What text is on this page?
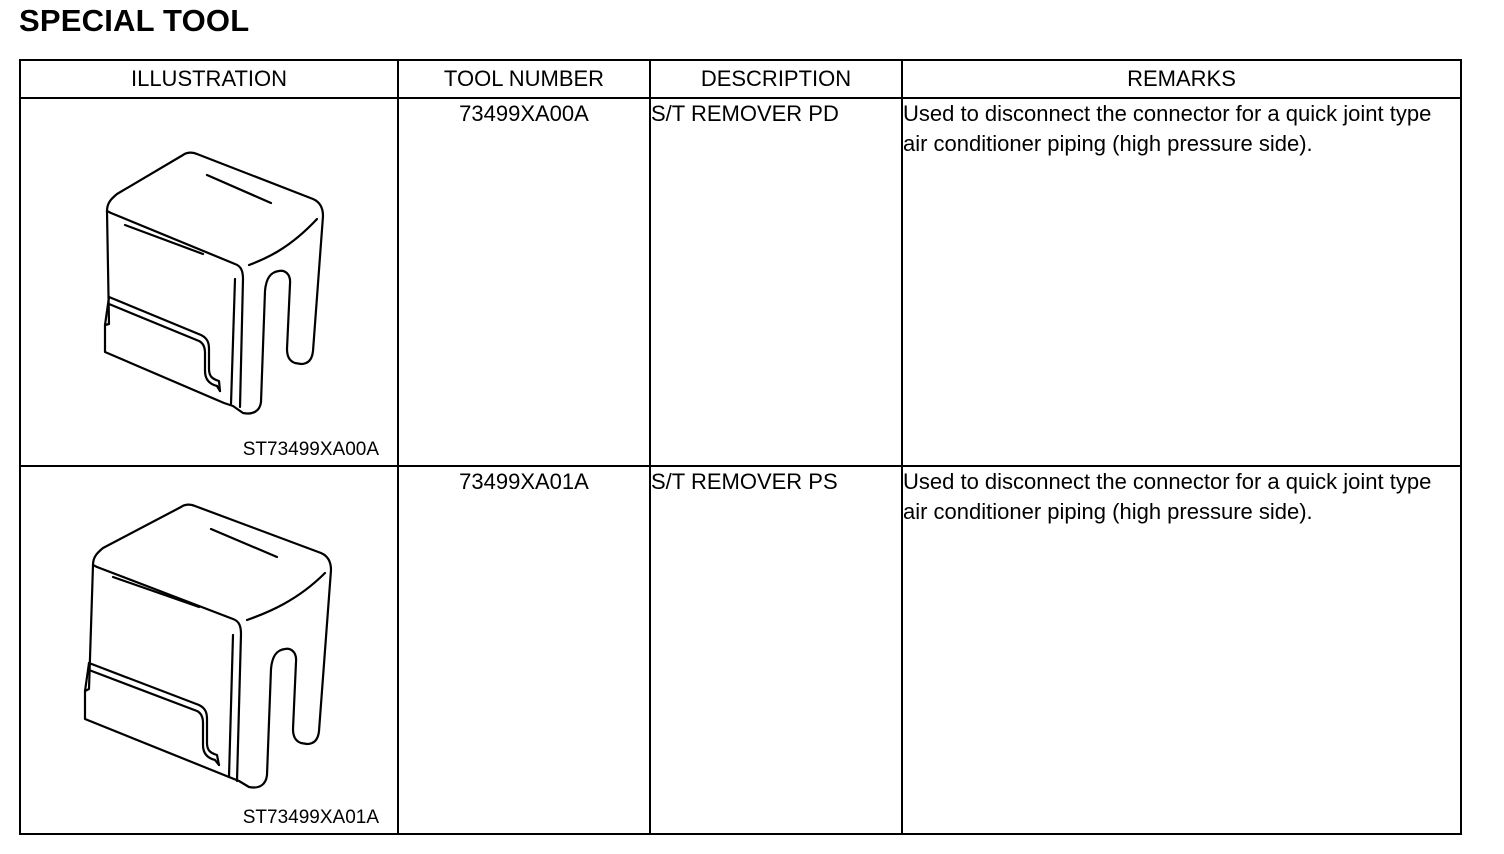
SPECIAL TOOL
ILLUSTRATION	TOOL NUMBER	DESCRIPTION	REMARKS

ST73499XA00A	73499XA00A	S/T REMOVER PD	Used to disconnect the connector for a quick joint type air conditioner piping (high pressure side).

ST73499XA01A	73499XA01A	S/T REMOVER PS	Used to disconnect the connector for a quick joint type air conditioner piping (high pressure side).
